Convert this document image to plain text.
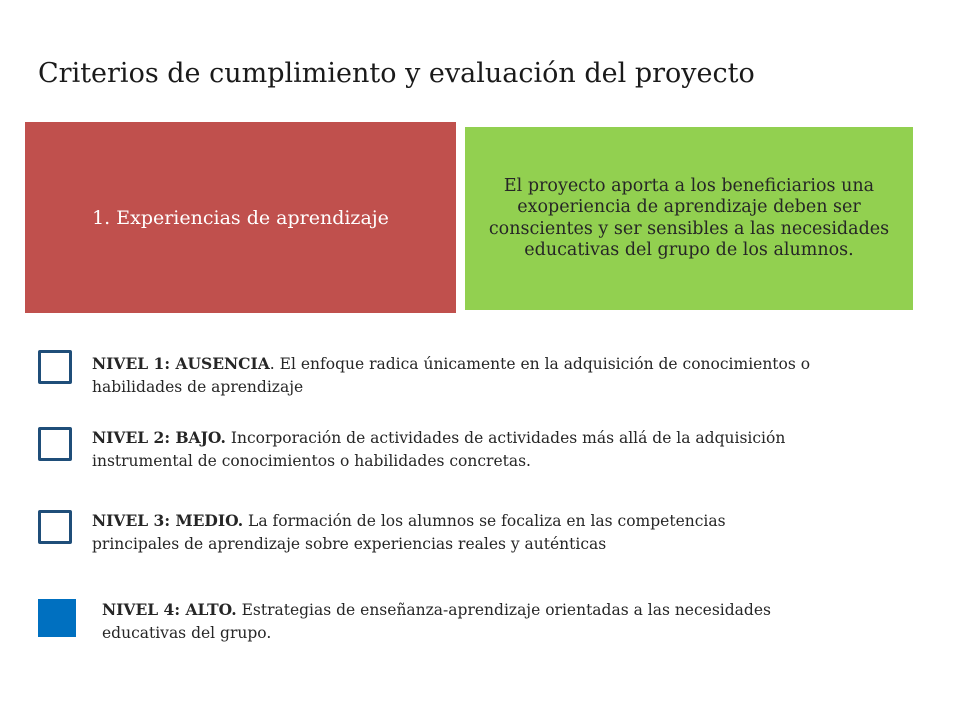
Criterios de cumplimiento y evaluación del proyecto
1. Experiencias de aprendizaje
El proyecto aporta a los beneficiarios una exoperiencia de aprendizaje deben ser conscientes y ser sensibles a las necesidades educativas del grupo de los alumnos.
NIVEL 1: AUSENCIA. El enfoque radica únicamente en la adquisición de conocimientos o habilidades de aprendizaje
NIVEL 2: BAJO. Incorporación de actividades de actividades más allá de la adquisición instrumental de conocimientos o habilidades concretas.
NIVEL 3: MEDIO. La formación de los alumnos se focaliza en las competencias principales de aprendizaje sobre experiencias reales y auténticas
NIVEL 4: ALTO. Estrategias de enseñanza-aprendizaje orientadas a las necesidades educativas del grupo.
